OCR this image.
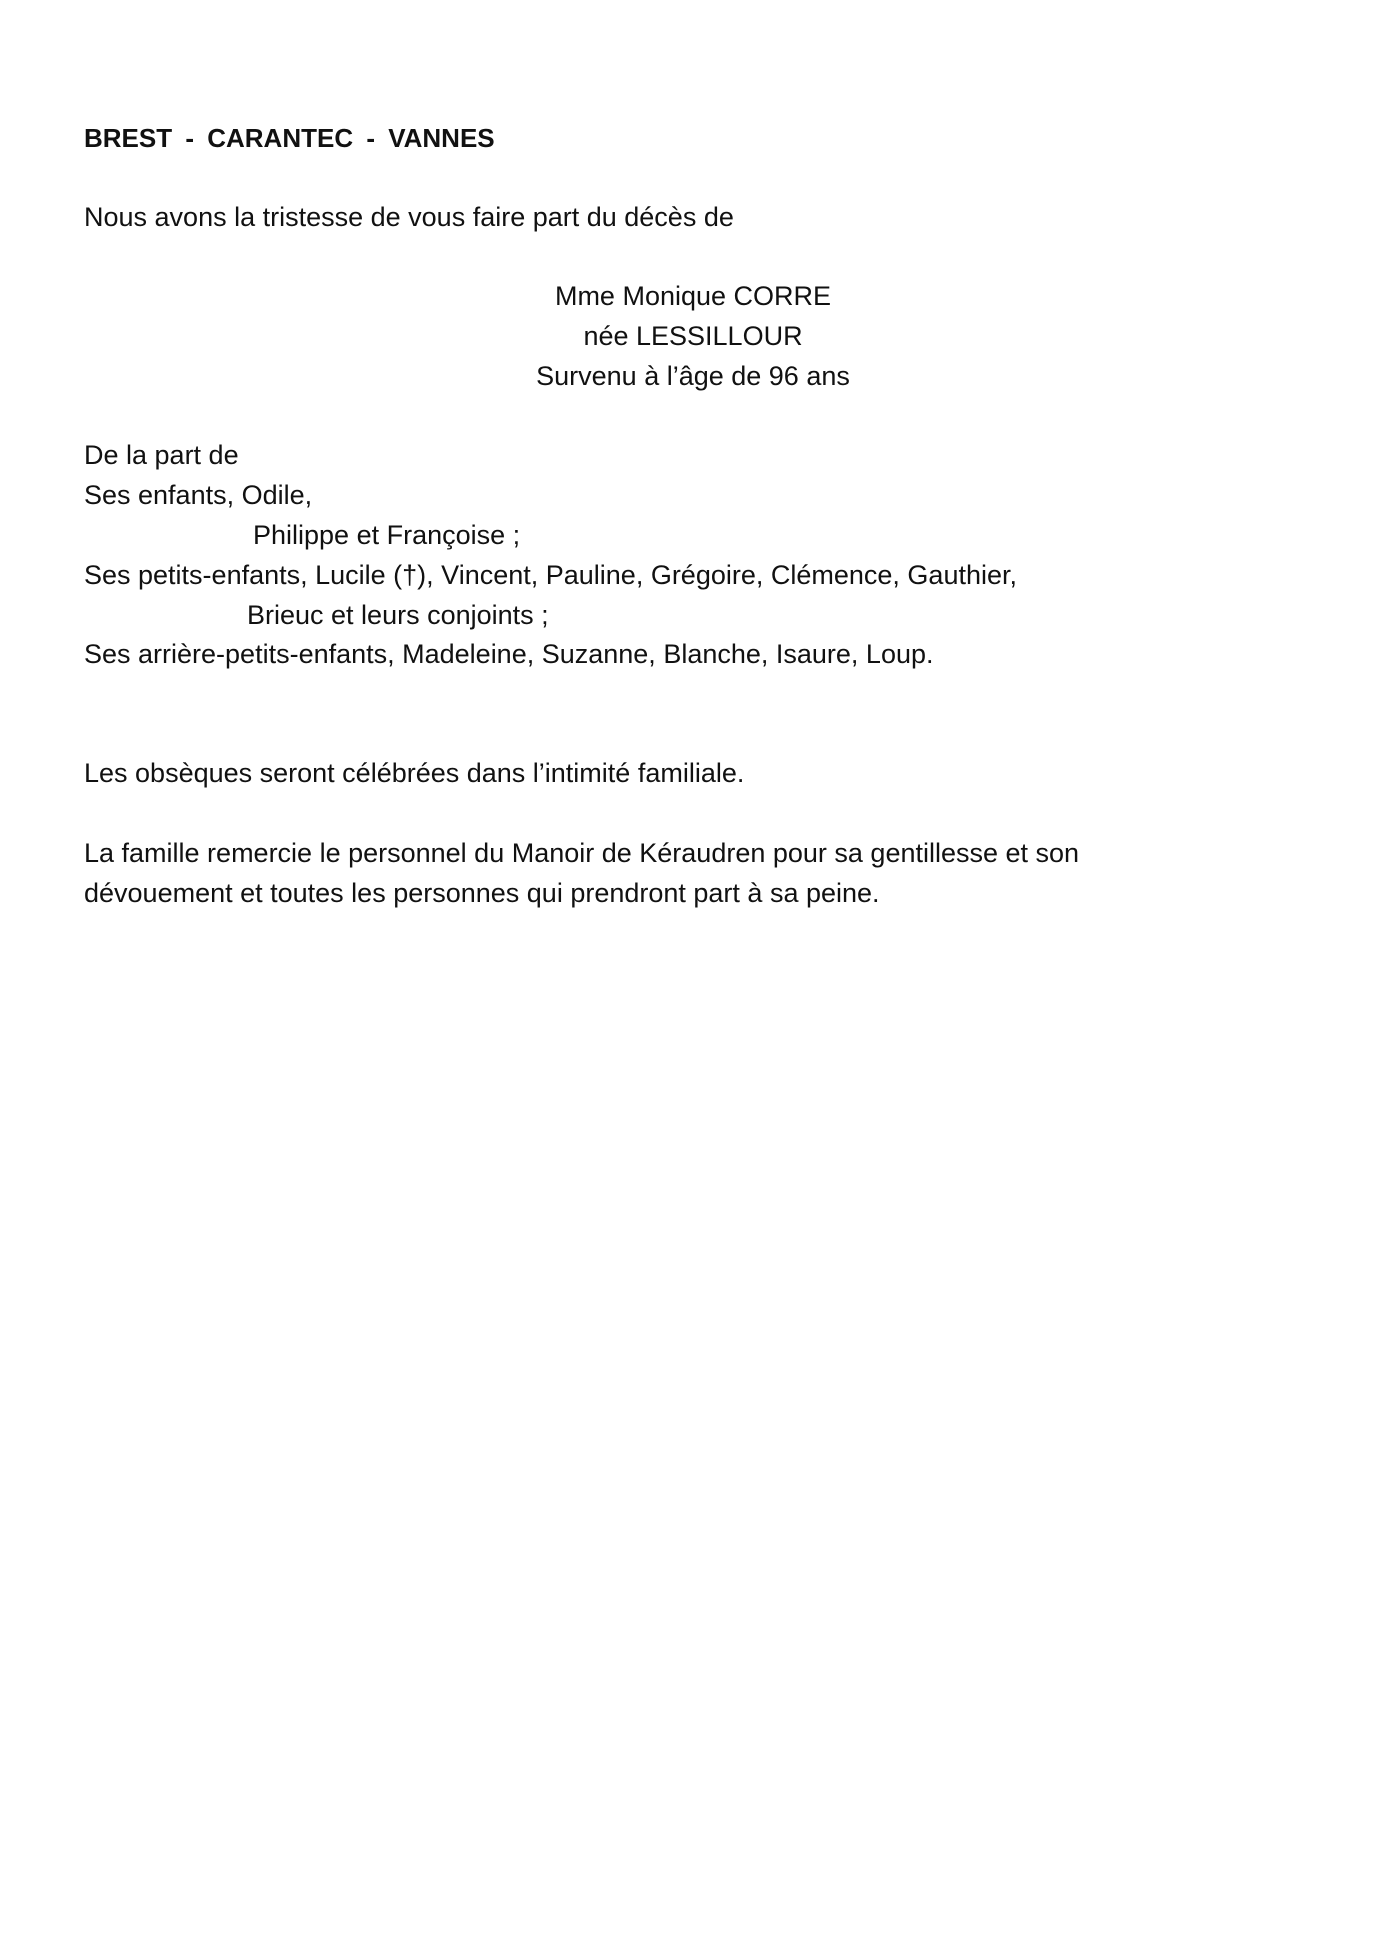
BREST - CARANTEC - VANNES

Nous avons la tristesse de vous faire part du décès de

Mme Monique CORRE
née LESSILLOUR
Survenu à l’âge de 96 ans

De la part de

Ses enfants, Odile,

Philippe et Françoise ;

Ses petits-enfants, Lucile (†), Vincent, Pauline, Grégoire, Clémence, Gauthier,

Brieuc et leurs conjoints ;

Ses arrière-petits-enfants, Madeleine, Suzanne, Blanche, Isaure, Loup.

Les obsèques seront célébrées dans l’intimité familiale.

La famille remercie le personnel du Manoir de Kéraudren pour sa gentillesse et son

dévouement et toutes les personnes qui prendront part à sa peine.
